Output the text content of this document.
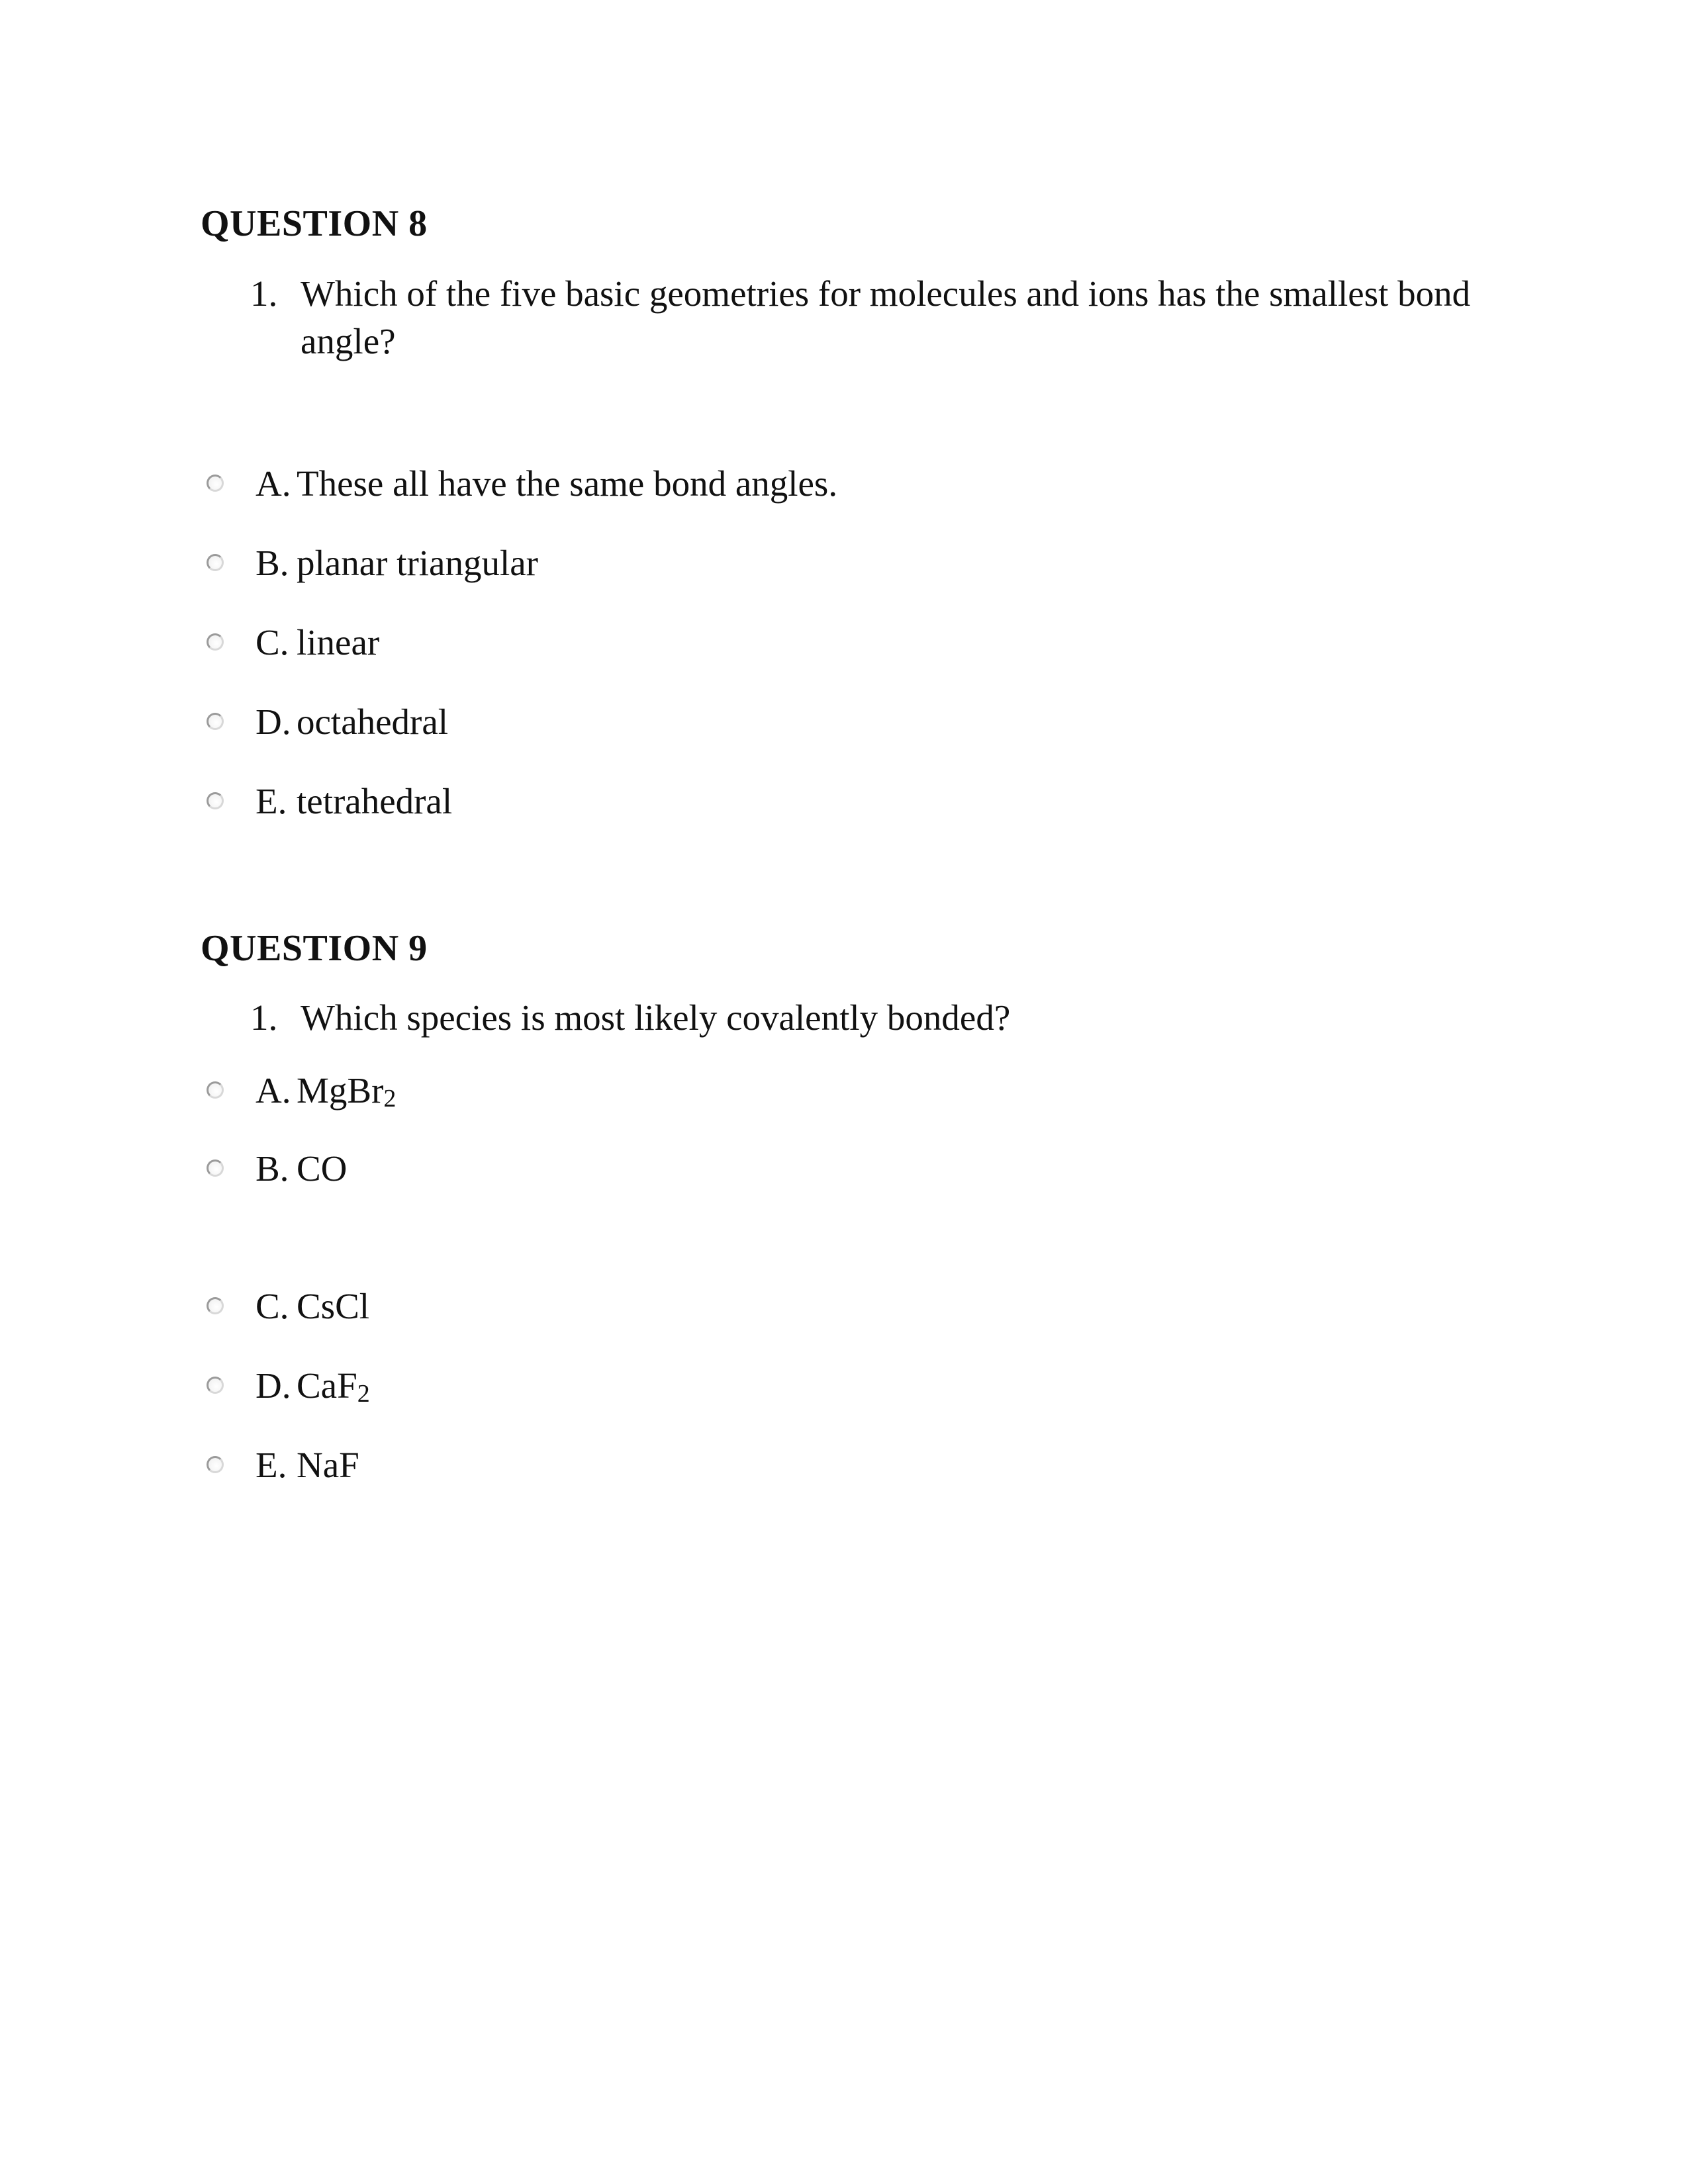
QUESTION 8
1. Which of the five basic geometries for molecules and ions has the smallest bond angle?
A. These all have the same bond angles.
B. planar triangular
C. linear
D. octahedral
E. tetrahedral
QUESTION 9
1. Which species is most likely covalently bonded?
A. MgBr$_2$
B. CO
C. CsCl
D. CaF$_2$
E. NaF
